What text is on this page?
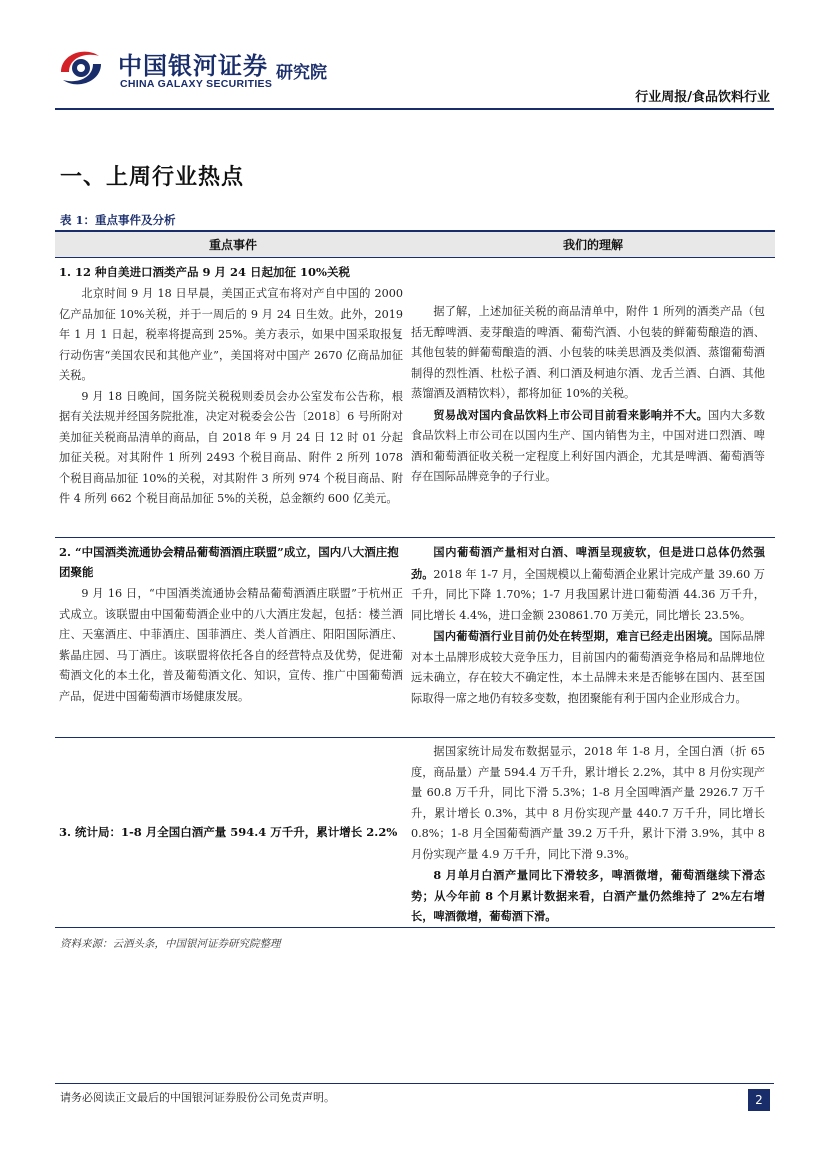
中国银河证券
CHINA GALAXY SECURITIES
研究院
行业周报/食品饮料行业
一、上周行业热点
表 1：重点事件及分析
重点事件	我们的理解
1. 12 种自美进口酒类产品 9 月 24 日起加征 10%关税

北京时间 9 月 18 日早晨，美国正式宣布将对产自中国的 2000 亿产品加征 10%关税，并于一周后的 9 月 24 日生效。此外，2019 年 1 月 1 日起，税率将提高到 25%。美方表示，如果中国采取报复行动伤害“美国农民和其他产业”，美国将对中国产 2670 亿商品加征关税。

9 月 18 日晚间，国务院关税税则委员会办公室发布公告称，根据有关法规并经国务院批准，决定对税委会公告〔2018〕6 号所附对美加征关税商品清单的商品，自 2018 年 9 月 24 日 12 时 01 分起加征关税。对其附件 1 所列 2493 个税目商品、附件 2 所列 1078 个税目商品加征 10%的关税，对其附件 3 所列 974 个税目商品、附件 4 所列 662 个税目商品加征 5%的关税，总金额约 600 亿美元。

据了解，上述加征关税的商品清单中，附件 1 所列的酒类产品（包括无醇啤酒、麦芽酿造的啤酒、葡萄汽酒、小包装的鲜葡萄酿造的酒、其他包装的鲜葡萄酿造的酒、小包装的味美思酒及类似酒、蒸馏葡萄酒制得的烈性酒、杜松子酒、利口酒及柯迪尔酒、龙舌兰酒、白酒、其他蒸馏酒及酒精饮料），都将加征 10%的关税。

贸易战对国内食品饮料上市公司目前看来影响并不大。国内大多数食品饮料上市公司在以国内生产、国内销售为主，中国对进口烈酒、啤酒和葡萄酒征收关税一定程度上利好国内酒企，尤其是啤酒、葡萄酒等存在国际品牌竞争的子行业。

2. “中国酒类流通协会精品葡萄酒酒庄联盟”成立，国内八大酒庄抱团聚能

9 月 16 日，“中国酒类流通协会精品葡萄酒酒庄联盟”于杭州正式成立。该联盟由中国葡萄酒企业中的八大酒庄发起，包括：楼兰酒庄、天塞酒庄、中菲酒庄、国菲酒庄、类人首酒庄、阳阳国际酒庄、紫晶庄园、马丁酒庄。该联盟将依托各自的经营特点及优势，促进葡萄酒文化的本土化，普及葡萄酒文化、知识，宣传、推广中国葡萄酒产品，促进中国葡萄酒市场健康发展。

国内葡萄酒产量相对白酒、啤酒呈现疲软，但是进口总体仍然强劲。2018 年 1-7 月，全国规模以上葡萄酒企业累计完成产量 39.60 万千升，同比下降 1.70%；1-7 月我国累计进口葡萄酒 44.36 万千升，同比增长 4.4%，进口金额 230861.70 万美元，同比增长 23.5%。

国内葡萄酒行业目前仍处在转型期，难言已经走出困境。国际品牌对本土品牌形成较大竞争压力，目前国内的葡萄酒竞争格局和品牌地位远未确立，存在较大不确定性，本土品牌未来是否能够在国内、甚至国际取得一席之地仍有较多变数，抱团聚能有利于国内企业形成合力。

3. 统计局：1-8 月全国白酒产量 594.4 万千升，累计增长 2.2%

据国家统计局发布数据显示，2018 年 1-8 月，全国白酒（折 65 度，商品量）产量 594.4 万千升，累计增长 2.2%，其中 8 月份实现产量 60.8 万千升，同比下滑 5.3%；1-8 月全国啤酒产量 2926.7 万千升，累计增长 0.3%，其中 8 月份实现产量 440.7 万千升，同比增长 0.8%；1-8 月全国葡萄酒产量 39.2 万千升，累计下滑 3.9%，其中 8 月份实现产量 4.9 万千升，同比下滑 9.3%。

8 月单月白酒产量同比下滑较多，啤酒微增，葡萄酒继续下滑态势；从今年前 8 个月累计数据来看，白酒产量仍然维持了 2%左右增长，啤酒微增，葡萄酒下滑。

资料来源：云酒头条，中国银河证券研究院整理
请务必阅读正文最后的中国银河证券股份公司免责声明。	2
